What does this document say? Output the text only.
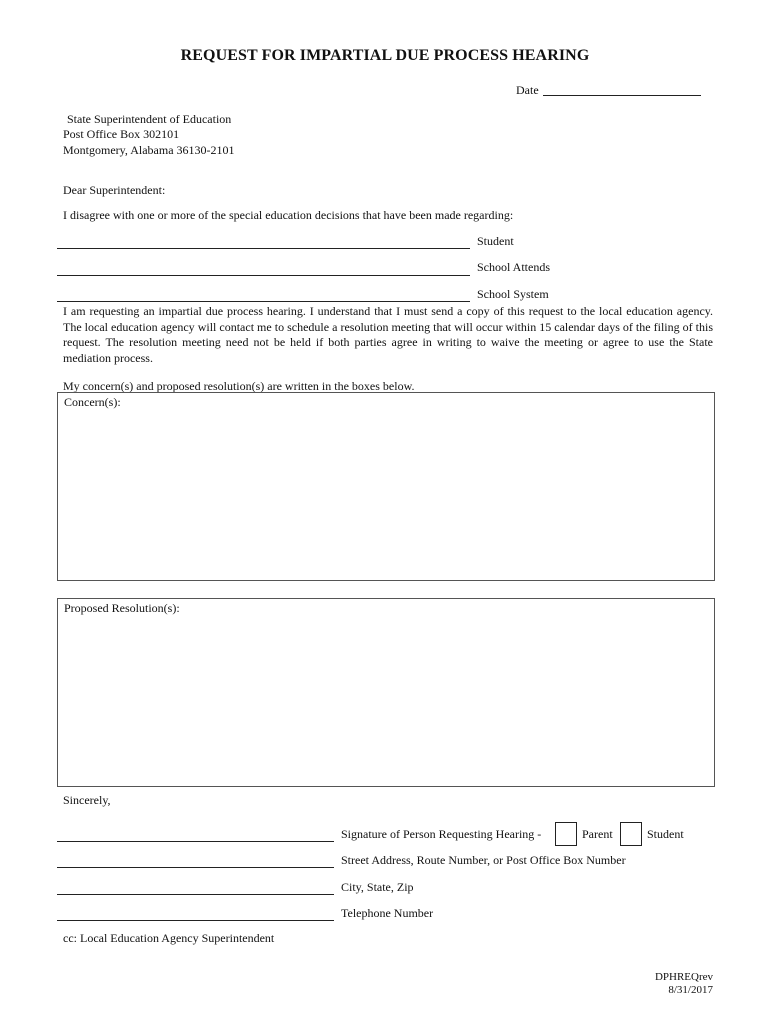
REQUEST FOR IMPARTIAL DUE PROCESS HEARING
Date
State Superintendent of Education
Post Office Box 302101
Montgomery, Alabama 36130-2101
Dear Superintendent:
I disagree with one or more of the special education decisions that have been made regarding:
Student
School Attends
School System
I am requesting an impartial due process hearing. I understand that I must send a copy of this request to the local education agency. The local education agency will contact me to schedule a resolution meeting that will occur within 15 calendar days of the filing of this request. The resolution meeting need not be held if both parties agree in writing to waive the meeting or agree to use the State mediation process.
My concern(s) and proposed resolution(s) are written in the boxes below.
Concern(s):
Proposed Resolution(s):
Sincerely,
Signature of Person Requesting Hearing -	Parent	Student
Street Address, Route Number, or Post Office Box Number
City, State, Zip
Telephone Number
cc: Local Education Agency Superintendent
DPHREQrev
8/31/2017
